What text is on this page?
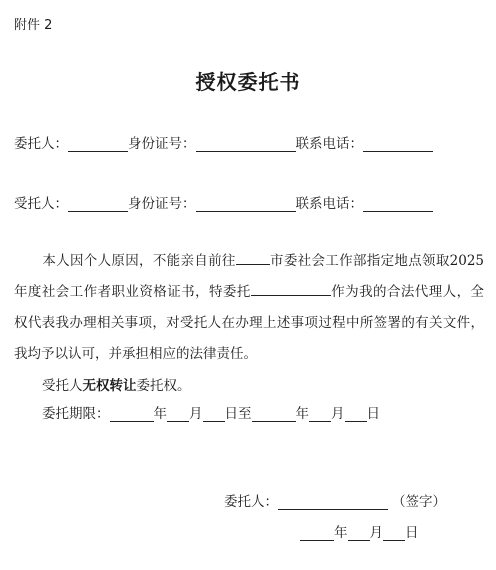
附件 2
授权委托书
委托人：	身份证号：	联系电话：
受托人：	身份证号：	联系电话：
本人因个人原因，不能亲自前往	市委社会工作部指定地点领取2025 年度社会工作者职业资格证书，特委托	作为我的合法代理人，全权代表我办理相关事项，对受托人在办理上述事项过程中所签署的有关文件，我均予以认可，并承担相应的法律责任。
受托人无权转让委托权。
委托期限：	年 月 日至	年 月 日
委托人：	（签字）
年 月 日
